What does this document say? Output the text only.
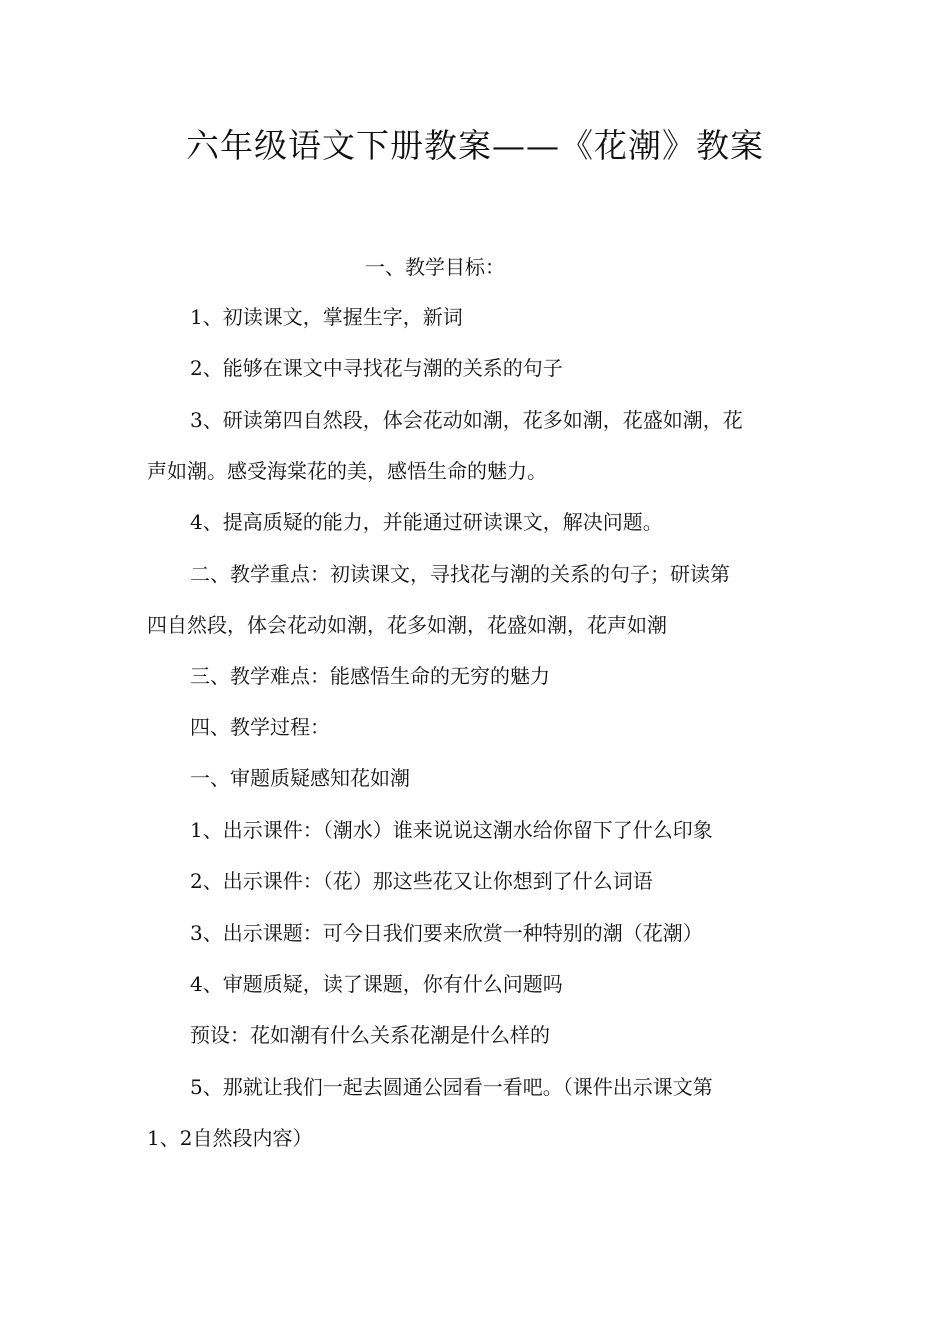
六年级语文下册教案——《花潮》教案

一、教学目标：

1、初读课文，掌握生字，新词

2、能够在课文中寻找花与潮的关系的句子

3、研读第四自然段，体会花动如潮，花多如潮，花盛如潮，花

声如潮。感受海棠花的美，感悟生命的魅力。

4、提高质疑的能力，并能通过研读课文，解决问题。

二、教学重点：初读课文，寻找花与潮的关系的句子；研读第

四自然段，体会花动如潮，花多如潮，花盛如潮，花声如潮

三、教学难点：能感悟生命的无穷的魅力

四、教学过程：

一、审题质疑感知花如潮

1、出示课件：（潮水）谁来说说这潮水给你留下了什么印象

2、出示课件：（花）那这些花又让你想到了什么词语

3、出示课题：可今日我们要来欣赏一种特别的潮（花潮）

4、审题质疑，读了课题，你有什么问题吗

预设：花如潮有什么关系花潮是什么样的

5、那就让我们一起去圆通公园看一看吧。（课件出示课文第

1、2自然段内容）
